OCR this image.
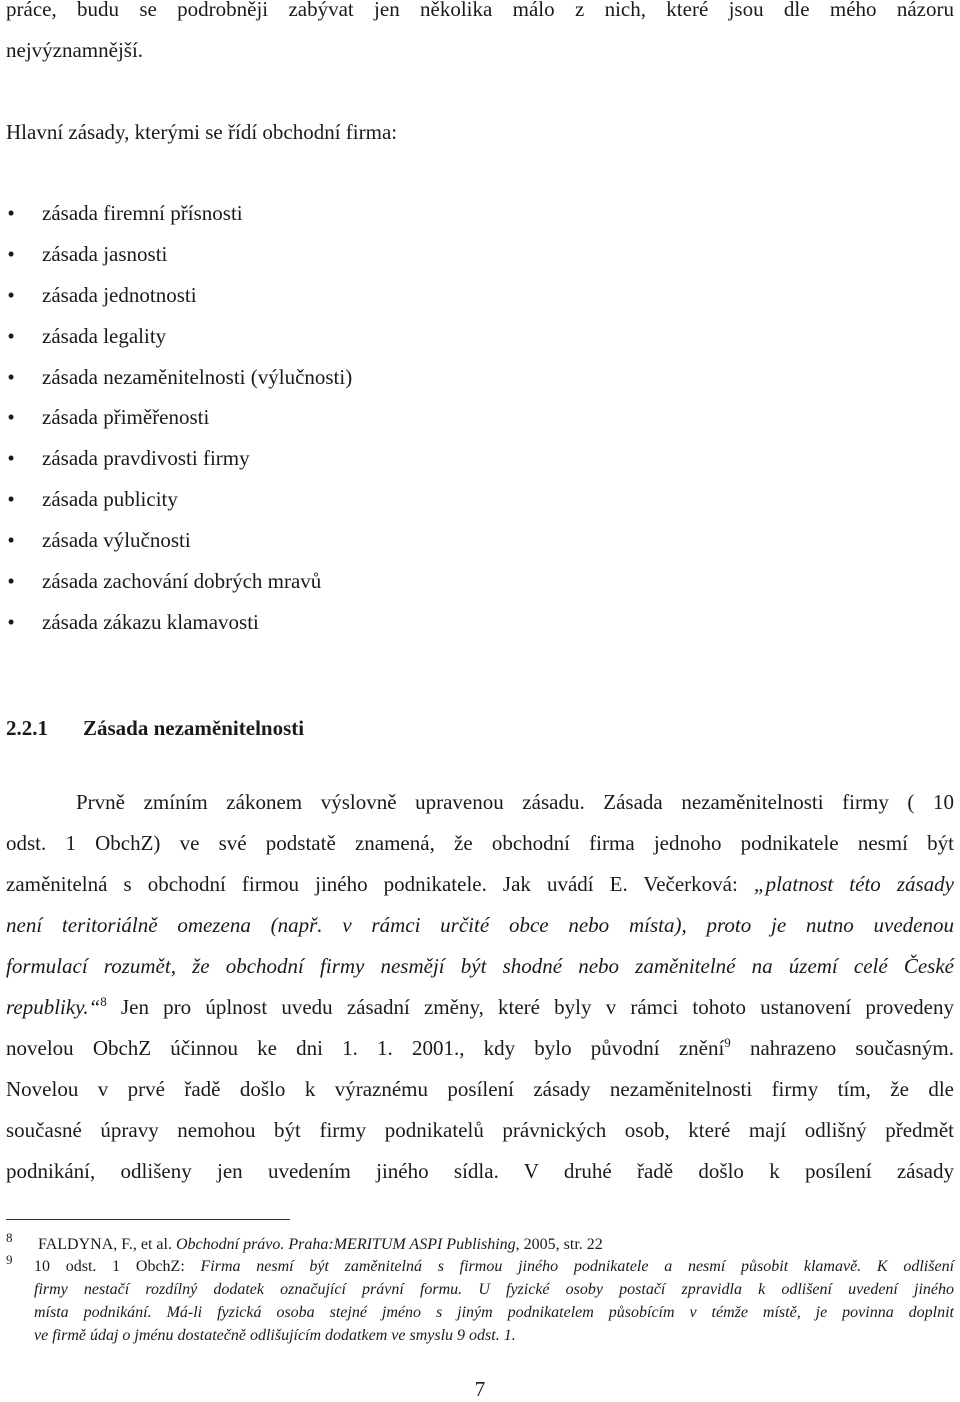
práce, budu se podrobněji zabývat jen několika málo z nich, které jsou dle mého názoru
nejvýznamnější.
Hlavní zásady, kterými se řídí obchodní firma:
• zásada firemní přísnosti
• zásada jasnosti
• zásada jednotnosti
• zásada legality
• zásada nezaměnitelnosti (výlučnosti)
• zásada přiměřenosti
• zásada pravdivosti firmy
• zásada publicity
• zásada výlučnosti
• zásada zachování dobrých mravů
• zásada zákazu klamavosti
2.2.1 Zásada nezaměnitelnosti
Prvně zmíním zákonem výslovně upravenou zásadu. Zásada nezaměnitelnosti firmy ( 10
odst. 1 ObchZ) ve své podstatě znamená, že obchodní firma jednoho podnikatele nesmí být
zaměnitelná s obchodní firmou jiného podnikatele. Jak uvádí E. Večerková: „platnost této zásady
není teritoriálně omezena (např. v rámci určité obce nebo místa), proto je nutno uvedenou
formulací rozumět, že obchodní firmy nesmějí být shodné nebo zaměnitelné na území celé České
republiky.“$^8$ Jen pro úplnost uvedu zásadní změny, které byly v rámci tohoto ustanovení provedeny
novelou ObchZ účinnou ke dni 1. 1. 2001., kdy bylo původní znění$^9$ nahrazeno současným.
Novelou v prvé řadě došlo k výraznému posílení zásady nezaměnitelnosti firmy tím, že dle
současné úpravy nemohou být firmy podnikatelů právnických osob, které mají odlišný předmět
podnikání, odlišeny jen uvedením jiného sídla. V druhé řadě došlo k posílení zásady
8 FALDYNA, F., et al. Obchodní právo. Praha:MERITUM ASPI Publishing, 2005, str. 22
9 10 odst. 1 ObchZ: Firma nesmí být zaměnitelná s firmou jiného podnikatele a nesmí působit klamavě. K odlišení
firmy nestačí rozdílný dodatek označující právní formu. U fyzické osoby postačí zpravidla k odlišení uvedení jiného
místa podnikání. Má-li fyzická osoba stejné jméno s jiným podnikatelem působícím v témže místě, je povinna doplnit
ve firmě údaj o jménu dostatečně odlišujícím dodatkem ve smyslu 9 odst. 1.
7
